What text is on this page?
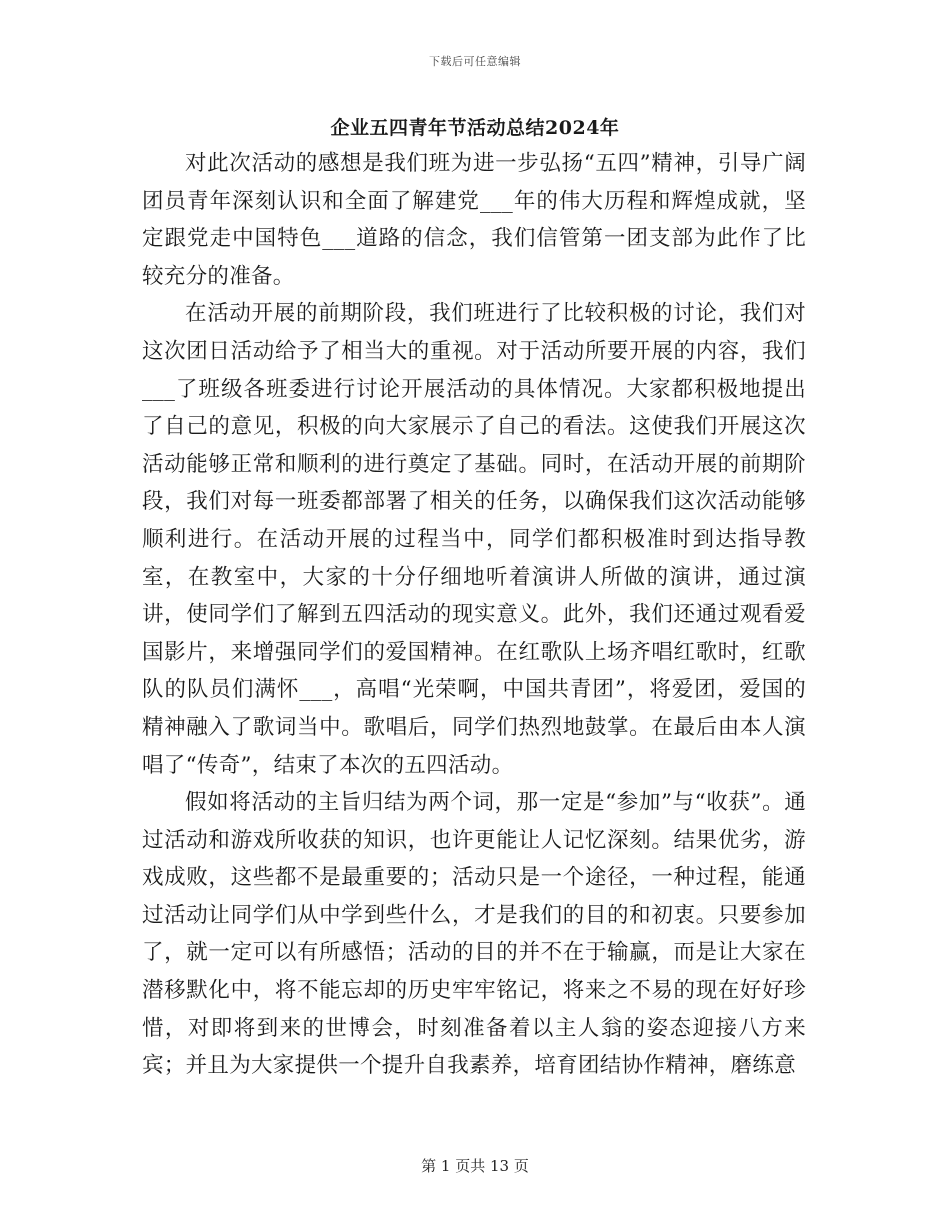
下载后可任意编辑
企业五四青年节活动总结2024年

对此次活动的感想是我们班为进一步弘扬“五四”精神，引导广阔团员青年深刻认识和全面了解建党___年的伟大历程和辉煌成就，坚定跟党走中国特色___道路的信念，我们信管第一团支部为此作了比较充分的准备。

在活动开展的前期阶段，我们班进行了比较积极的讨论，我们对这次团日活动给予了相当大的重视。对于活动所要开展的内容，我们___了班级各班委进行讨论开展活动的具体情况。大家都积极地提出了自己的意见，积极的向大家展示了自己的看法。这使我们开展这次活动能够正常和顺利的进行奠定了基础。同时，在活动开展的前期阶段，我们对每一班委都部署了相关的任务，以确保我们这次活动能够顺利进行。在活动开展的过程当中，同学们都积极准时到达指导教室，在教室中，大家的十分仔细地听着演讲人所做的演讲，通过演讲，使同学们了解到五四活动的现实意义。此外，我们还通过观看爱国影片，来增强同学们的爱国精神。在红歌队上场齐唱红歌时，红歌队的队员们满怀___，高唱“光荣啊，中国共青团”，将爱团，爱国的精神融入了歌词当中。歌唱后，同学们热烈地鼓掌。在最后由本人演唱了“传奇”，结束了本次的五四活动。

假如将活动的主旨归结为两个词，那一定是“参加”与“收获”。通过活动和游戏所收获的知识，也许更能让人记忆深刻。结果优劣，游戏成败，这些都不是最重要的；活动只是一个途径，一种过程，能通过活动让同学们从中学到些什么，才是我们的目的和初衷。只要参加了，就一定可以有所感悟；活动的目的并不在于输赢，而是让大家在潜移默化中，将不能忘却的历史牢牢铭记，将来之不易的现在好好珍惜，对即将到来的世博会，时刻准备着以主人翁的姿态迎接八方来宾；并且为大家提供一个提升自我素养，培育团结协作精神，磨练意

第 1 页共 13 页
